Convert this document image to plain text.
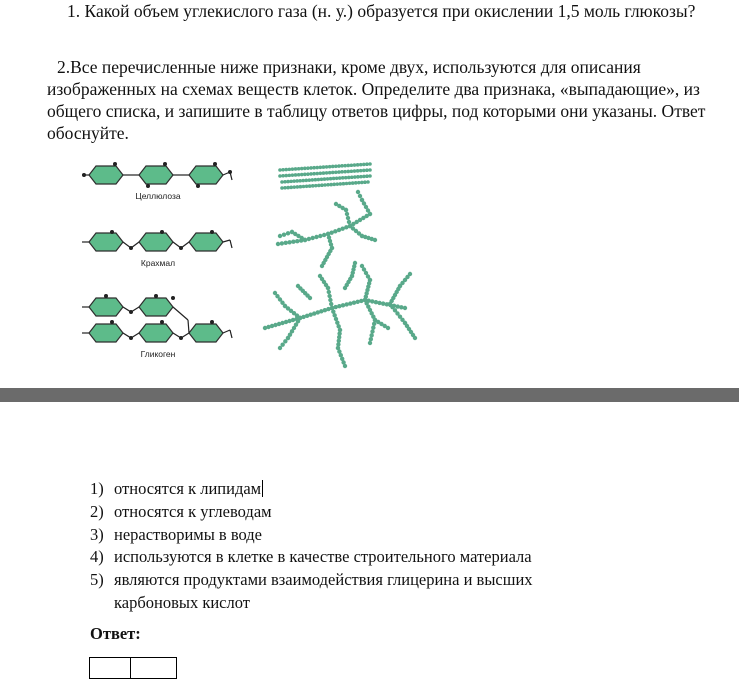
1. Какой объем углекислого газа (н. у.) образуется при окислении 1,5 моль глюкозы?

2.Все перечисленные ниже признаки, кроме двух, используются для описания изображенных на схемах веществ клеток. Определите два признака, «выпадающие», из общего списка, и запишите в таблицу ответов цифры, под которыми они указаны. Ответ обоснуйте.

Целлюлоза
Крахмал
Гликоген
1) относятся к липидам
2) относятся к углеводам
3) нерастворимы в воде
4) используются в клетке в качестве строительного материала
5) являются продуктами взаимодействия глицерина и высших карбоновых кислот
Ответ:
